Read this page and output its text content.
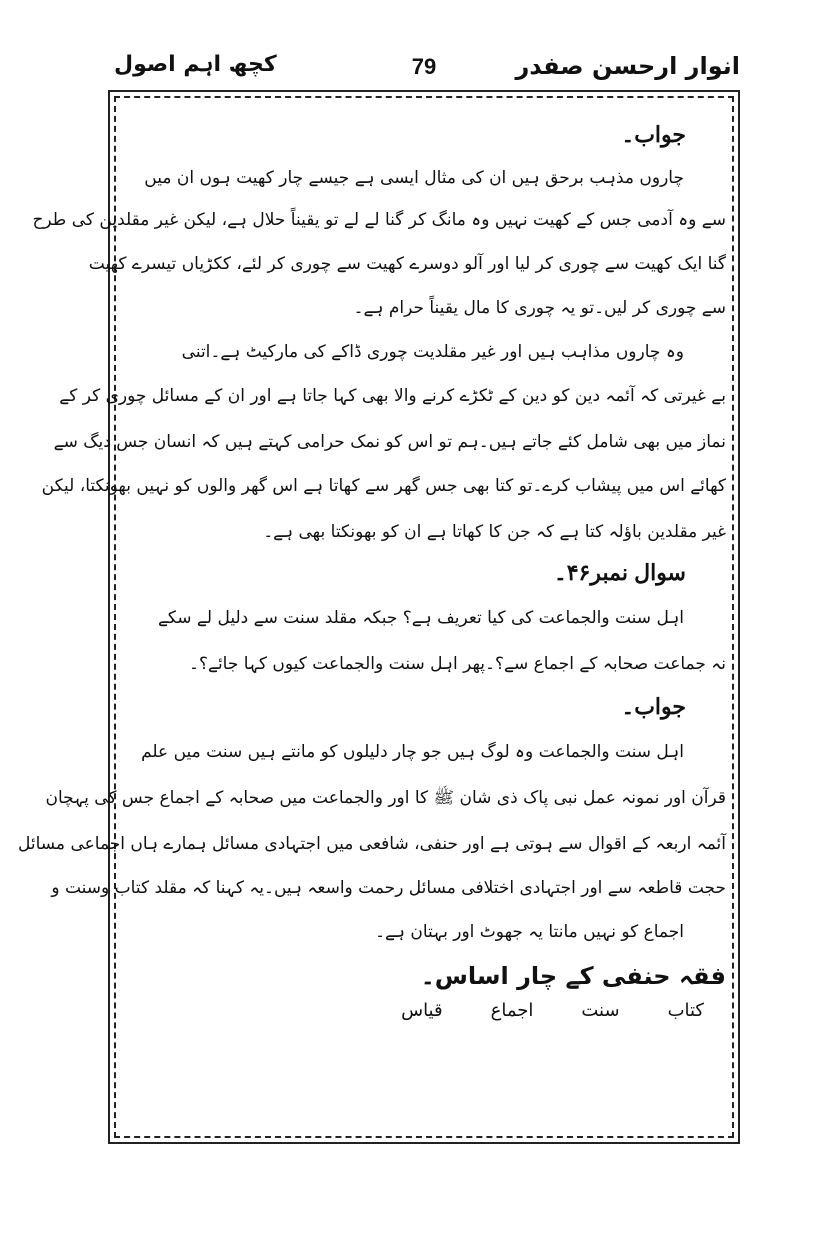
انوار ارحسن صفدر
79
کچھ اہم اصول
جواب۔
چاروں مذہب برحق ہیں ان کی مثال ایسی ہے جیسے چار کھیت ہوں ان میں
سے وہ آدمی جس کے کھیت نہیں وہ مانگ کر گنا لے لے تو یقیناً حلال ہے، لیکن غیر مقلدین کی طرح
گنا ایک کھیت سے چوری کر لیا اور آلو دوسرے کھیت سے چوری کر لئے، ککڑیاں تیسرے کھیت
سے چوری کر لیں۔تو یہ چوری کا مال یقیناً حرام ہے۔
وہ چاروں مذاہب ہیں اور غیر مقلدیت چوری ڈاکے کی مارکیٹ ہے۔اتنی
بے غیرتی کہ آئمہ دین کو دین کے ٹکڑے کرنے والا بھی کہا جاتا ہے اور ان کے مسائل چوری کر کے
نماز میں بھی شامل کئے جاتے ہیں۔ہم تو اس کو نمک حرامی کہتے ہیں کہ انسان جس دیگ سے
کھائے اس میں پیشاب کرے۔تو کتا بھی جس گھر سے کھاتا ہے اس گھر والوں کو نہیں بھونکتا، لیکن
غیر مقلدین باؤلہ کتا ہے کہ جن کا کھاتا ہے ان کو بھونکتا بھی ہے۔
سوال نمبر۴۶۔
اہل سنت والجماعت کی کیا تعریف ہے؟ جبکہ مقلد سنت سے دلیل لے سکے
نہ جماعت صحابہ کے اجماع سے؟۔پھر اہل سنت والجماعت کیوں کہا جائے؟۔
جواب۔
اہل سنت والجماعت وہ لوگ ہیں جو چار دلیلوں کو مانتے ہیں سنت میں علم
قرآن اور نمونہ عمل نبی پاک ذی شان ﷺ کا اور والجماعت میں صحابہ کے اجماع جس کی پہچان
آئمہ اربعہ کے اقوال سے ہوتی ہے اور حنفی، شافعی میں اجتہادی مسائل ہمارے ہاں اجماعی مسائل
حجت قاطعہ سے اور اجتہادی اختلافی مسائل رحمت واسعہ ہیں۔یہ کہنا کہ مقلد کتاب وسنت و
اجماع کو نہیں مانتا یہ جھوٹ اور بہتان ہے۔
فقہ حنفی کے چار اساس۔
کتاب
سنت
اجماع
قیاس
